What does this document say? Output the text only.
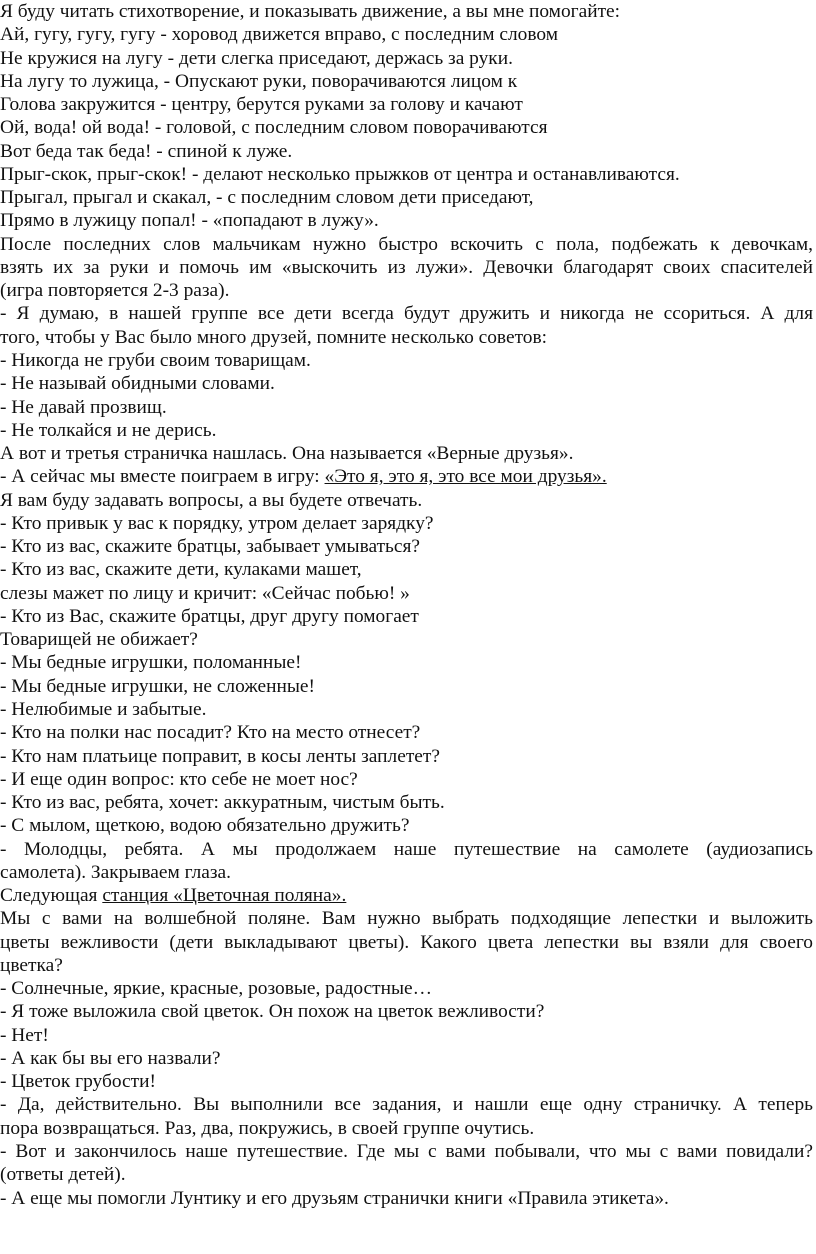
Я буду читать стихотворение, и показывать движение, а вы мне помогайте:
Ай, гугу, гугу, гугу - хоровод движется вправо, с последним словом
Не кружися на лугу - дети слегка приседают, держась за руки.
На лугу то лужица, - Опускают руки, поворачиваются лицом к
Голова закружится - центру, берутся руками за голову и качают
Ой, вода! ой вода! - головой, с последним словом поворачиваются
Вот беда так беда! - спиной к луже.
Прыг-скок, прыг-скок! - делают несколько прыжков от центра и останавливаются.
Прыгал, прыгал и скакал, - с последним словом дети приседают,
Прямо в лужицу попал! - «попадают в лужу».
После последних слов мальчикам нужно быстро вскочить с пола, подбежать к девочкам,
взять их за руки и помочь им «выскочить из лужи». Девочки благодарят своих спасителей
(игра повторяется 2-3 раза).
- Я думаю, в нашей группе все дети всегда будут дружить и никогда не ссориться. А для
того, чтобы у Вас было много друзей, помните несколько советов:
- Никогда не груби своим товарищам.
- Не называй обидными словами.
- Не давай прозвищ.
- Не толкайся и не дерись.
А вот и третья страничка нашлась. Она называется «Верные друзья».
- А сейчас мы вместе поиграем в игру: «Это я, это я, это все мои друзья».
Я вам буду задавать вопросы, а вы будете отвечать.
- Кто привык у вас к порядку, утром делает зарядку?
- Кто из вас, скажите братцы, забывает умываться?
- Кто из вас, скажите дети, кулаками машет,
слезы мажет по лицу и кричит: «Сейчас побью! »
- Кто из Вас, скажите братцы, друг другу помогает
Товарищей не обижает?
- Мы бедные игрушки, поломанные!
- Мы бедные игрушки, не сложенные!
- Нелюбимые и забытые.
- Кто на полки нас посадит? Кто на место отнесет?
- Кто нам платьице поправит, в косы ленты заплетет?
- И еще один вопрос: кто себе не моет нос?
- Кто из вас, ребята, хочет: аккуратным, чистым быть.
- С мылом, щеткою, водою обязательно дружить?
- Молодцы, ребята. А мы продолжаем наше путешествие на самолете (аудиозапись
самолета). Закрываем глаза.
Следующая станция «Цветочная поляна».
Мы с вами на волшебной поляне. Вам нужно выбрать подходящие лепестки и выложить
цветы вежливости (дети выкладывают цветы). Какого цвета лепестки вы взяли для своего
цветка?
- Солнечные, яркие, красные, розовые, радостные…
- Я тоже выложила свой цветок. Он похож на цветок вежливости?
- Нет!
- А как бы вы его назвали?
- Цветок грубости!
- Да, действительно. Вы выполнили все задания, и нашли еще одну страничку. А теперь
пора возвращаться. Раз, два, покружись, в своей группе очутись.
- Вот и закончилось наше путешествие. Где мы с вами побывали, что мы с вами повидали?
(ответы детей).
- А еще мы помогли Лунтику и его друзьям странички книги «Правила этикета».
